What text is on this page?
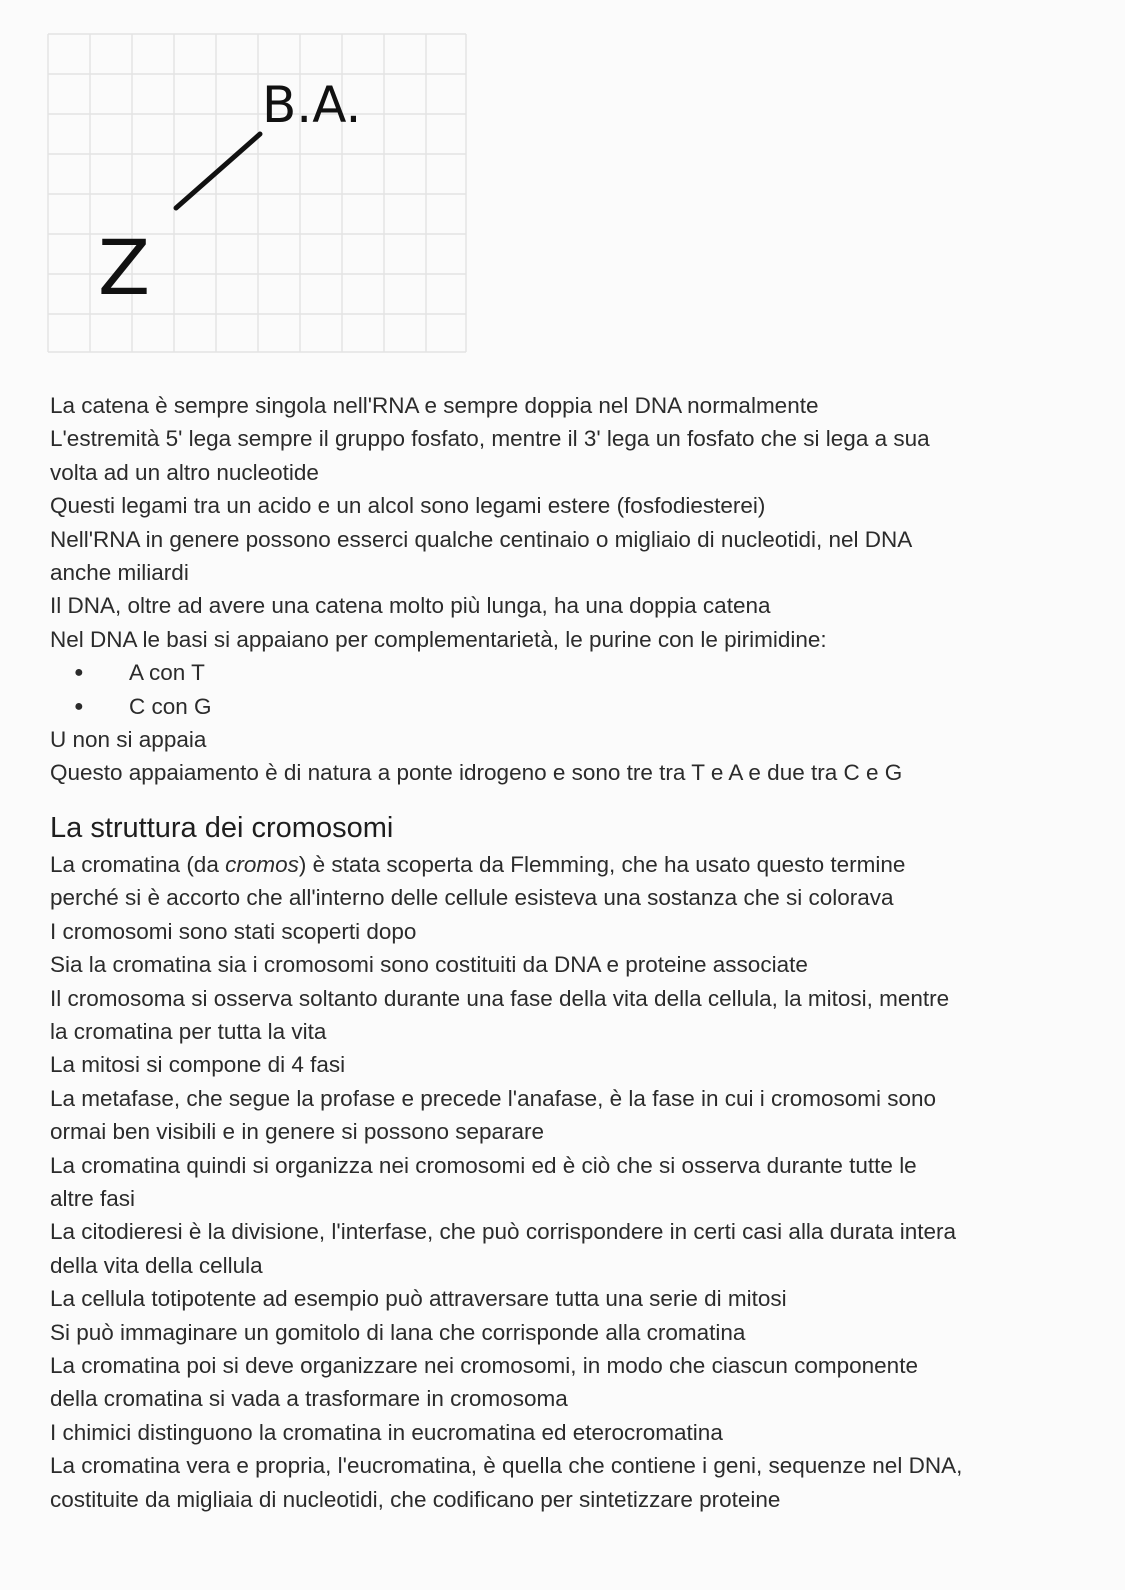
B.A.
Z
La catena è sempre singola nell'RNA e sempre doppia nel DNA normalmente
L'estremità 5' lega sempre il gruppo fosfato, mentre il 3' lega un fosfato che si lega a sua
volta ad un altro nucleotide
Questi legami tra un acido e un alcol sono legami estere (fosfodiesterei)
Nell'RNA in genere possono esserci qualche centinaio o migliaio di nucleotidi, nel DNA
anche miliardi
Il DNA, oltre ad avere una catena molto più lunga, ha una doppia catena
Nel DNA le basi si appaiano per complementarietà, le purine con le pirimidine:
●	A con T
●	C con G
U non si appaia
Questo appaiamento è di natura a ponte idrogeno e sono tre tra T e A e due tra C e G
La struttura dei cromosomi
La cromatina (da cromos) è stata scoperta da Flemming, che ha usato questo termine
perché si è accorto che all'interno delle cellule esisteva una sostanza che si colorava
I cromosomi sono stati scoperti dopo
Sia la cromatina sia i cromosomi sono costituiti da DNA e proteine associate
Il cromosoma si osserva soltanto durante una fase della vita della cellula, la mitosi, mentre
la cromatina per tutta la vita
La mitosi si compone di 4 fasi
La metafase, che segue la profase e precede l'anafase, è la fase in cui i cromosomi sono
ormai ben visibili e in genere si possono separare
La cromatina quindi si organizza nei cromosomi ed è ciò che si osserva durante tutte le
altre fasi
La citodieresi è la divisione, l'interfase, che può corrispondere in certi casi alla durata intera
della vita della cellula
La cellula totipotente ad esempio può attraversare tutta una serie di mitosi
Si può immaginare un gomitolo di lana che corrisponde alla cromatina
La cromatina poi si deve organizzare nei cromosomi, in modo che ciascun componente
della cromatina si vada a trasformare in cromosoma
I chimici distinguono la cromatina in eucromatina ed eterocromatina
La cromatina vera e propria, l'eucromatina, è quella che contiene i geni, sequenze nel DNA,
costituite da migliaia di nucleotidi, che codificano per sintetizzare proteine
